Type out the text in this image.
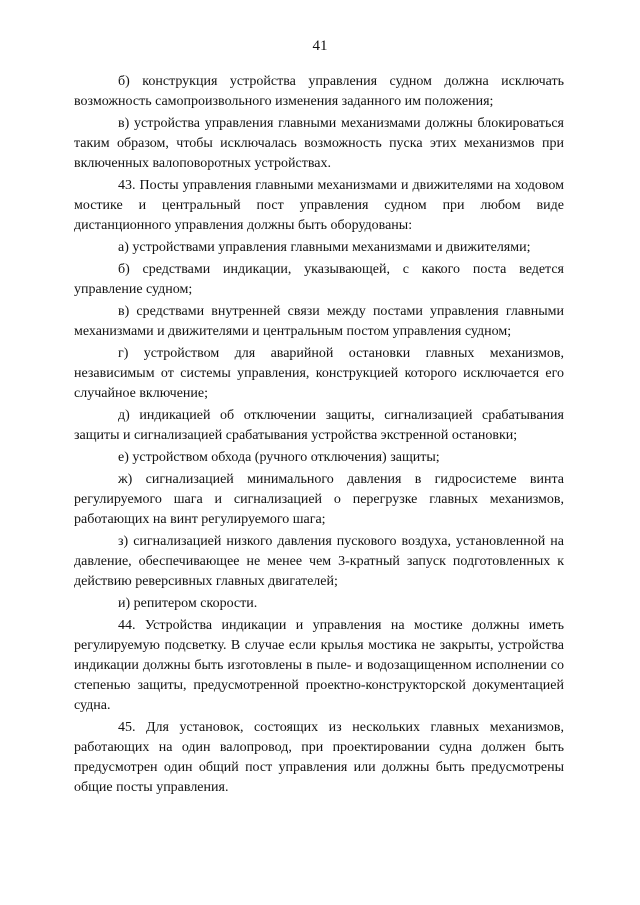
41

б) конструкция устройства управления судном должна исключать возможность самопроизвольного изменения заданного им положения;

в) устройства управления главными механизмами должны блокироваться таким образом, чтобы исключалась возможность пуска этих механизмов при включенных валоповоротных устройствах.

43. Посты управления главными механизмами и движителями на ходовом мостике и центральный пост управления судном при любом виде дистанционного управления должны быть оборудованы:

а) устройствами управления главными механизмами и движителями;

б) средствами индикации, указывающей, с какого поста ведется управление судном;

в) средствами внутренней связи между постами управления главными механизмами и движителями и центральным постом управления судном;

г) устройством для аварийной остановки главных механизмов, независимым от системы управления, конструкцией которого исключается его случайное включение;

д) индикацией об отключении защиты, сигнализацией срабатывания защиты и сигнализацией срабатывания устройства экстренной остановки;

е) устройством обхода (ручного отключения) защиты;

ж) сигнализацией минимального давления в гидросистеме винта регулируемого шага и сигнализацией о перегрузке главных механизмов, работающих на винт регулируемого шага;

з) сигнализацией низкого давления пускового воздуха, установленной на давление, обеспечивающее не менее чем 3-кратный запуск подготовленных к действию реверсивных главных двигателей;

и) репитером скорости.

44. Устройства индикации и управления на мостике должны иметь регулируемую подсветку. В случае если крылья мостика не закрыты, устройства индикации должны быть изготовлены в пыле- и водозащищенном исполнении со степенью защиты, предусмотренной проектно-конструкторской документацией судна.

45. Для установок, состоящих из нескольких главных механизмов, работающих на один валопровод, при проектировании судна должен быть предусмотрен один общий пост управления или должны быть предусмотрены общие посты управления.
